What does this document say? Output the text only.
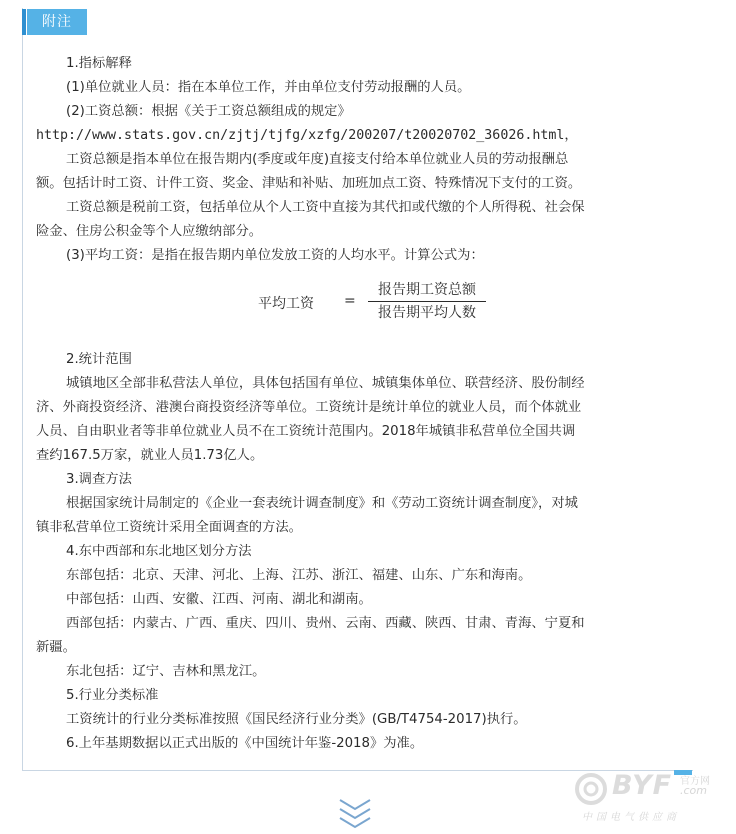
附注
1.指标解释
(1)单位就业人员：指在本单位工作，并由单位支付劳动报酬的人员。
(2)工资总额：根据《关于工资总额组成的规定》
http://www.stats.gov.cn/zjtj/tjfg/xzfg/200207/t20020702_36026.html，
工资总额是指本单位在报告期内(季度或年度)直接支付给本单位就业人员的劳动报酬总
额。包括计时工资、计件工资、奖金、津贴和补贴、加班加点工资、特殊情况下支付的工资。
工资总额是税前工资，包括单位从个人工资中直接为其代扣或代缴的个人所得税、社会保
险金、住房公积金等个人应缴纳部分。
(3)平均工资：是指在报告期内单位发放工资的人均水平。计算公式为：
平均工资 =
报告期工资总额
报告期平均人数
2.统计范围
城镇地区全部非私营法人单位，具体包括国有单位、城镇集体单位、联营经济、股份制经
济、外商投资经济、港澳台商投资经济等单位。工资统计是统计单位的就业人员，而个体就业
人员、自由职业者等非单位就业人员不在工资统计范围内。2018年城镇非私营单位全国共调
查约167.5万家，就业人员1.73亿人。
3.调查方法
根据国家统计局制定的《企业一套表统计调查制度》和《劳动工资统计调查制度》，对城
镇非私营单位工资统计采用全面调查的方法。
4.东中西部和东北地区划分方法
东部包括：北京、天津、河北、上海、江苏、浙江、福建、山东、广东和海南。
中部包括：山西、安徽、江西、河南、湖北和湖南。
西部包括：内蒙古、广西、重庆、四川、贵州、云南、西藏、陕西、甘肃、青海、宁夏和
新疆。
东北包括：辽宁、吉林和黑龙江。
5.行业分类标准
工资统计的行业分类标准按照《国民经济行业分类》(GB/T4754-2017)执行。
6.上年基期数据以正式出版的《中国统计年鉴-2018》为准。
BYF 官方网
.com
中国电气供应商
